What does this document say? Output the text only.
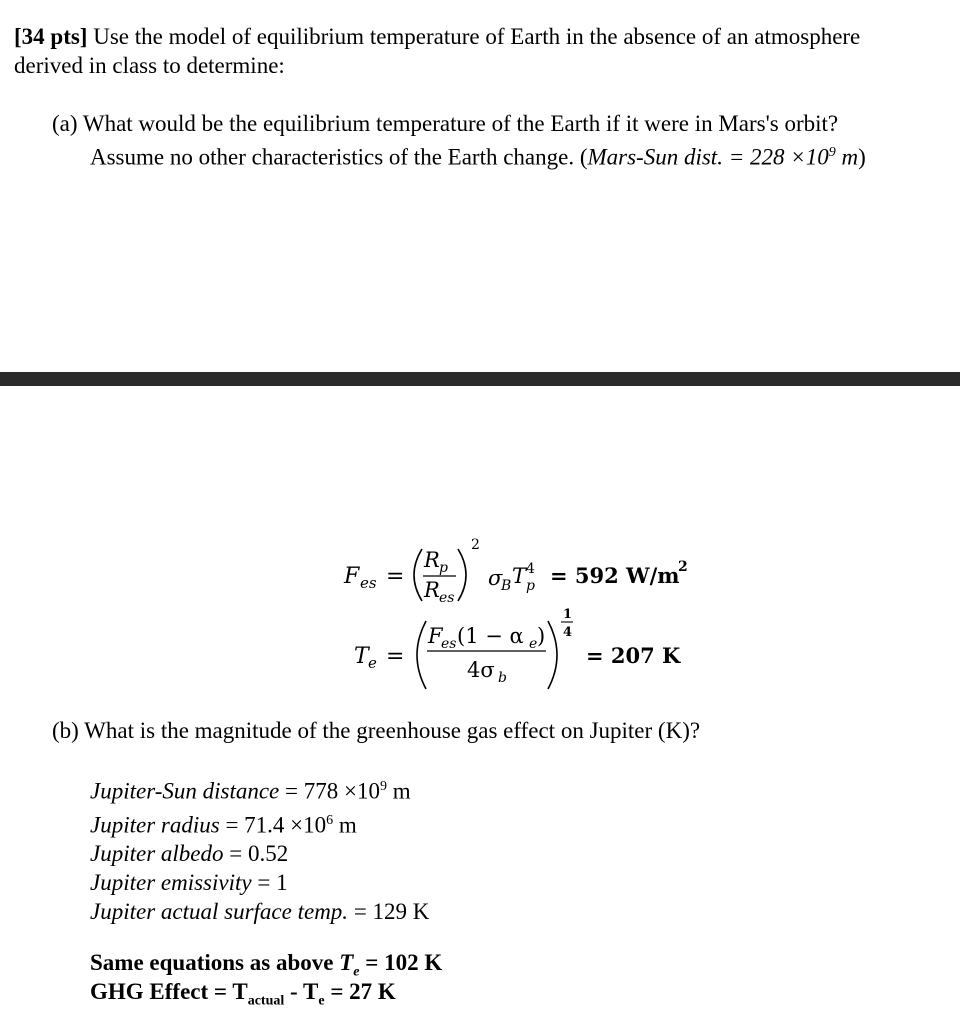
[34 pts] Use the model of equilibrium temperature of Earth in the absence of an atmosphere
derived in class to determine:
(a) What would be the equilibrium temperature of the Earth if it were in Mars's orbit?
Assume no other characteristics of the Earth change. (Mars-Sun dist. = $228 \times 10^9$ m)
F es =
R p
R es
2
σ
B T 4
p = 592 W/m
2
T e =
F
es (1 − α e )
4σ b
1
4
= 207 K
(b) What is the magnitude of the greenhouse gas effect on Jupiter (K)?
Jupiter-Sun distance = $778 \times 10^9$ m
Jupiter radius = $71.4 \times 10^6$ m
Jupiter albedo = 0.52
Jupiter emissivity = 1
Jupiter actual surface temp. = 129 K
Same equations as above $T_e = 102$ K
GHG Effect = $T_{actual} - T_e = 27$ K
